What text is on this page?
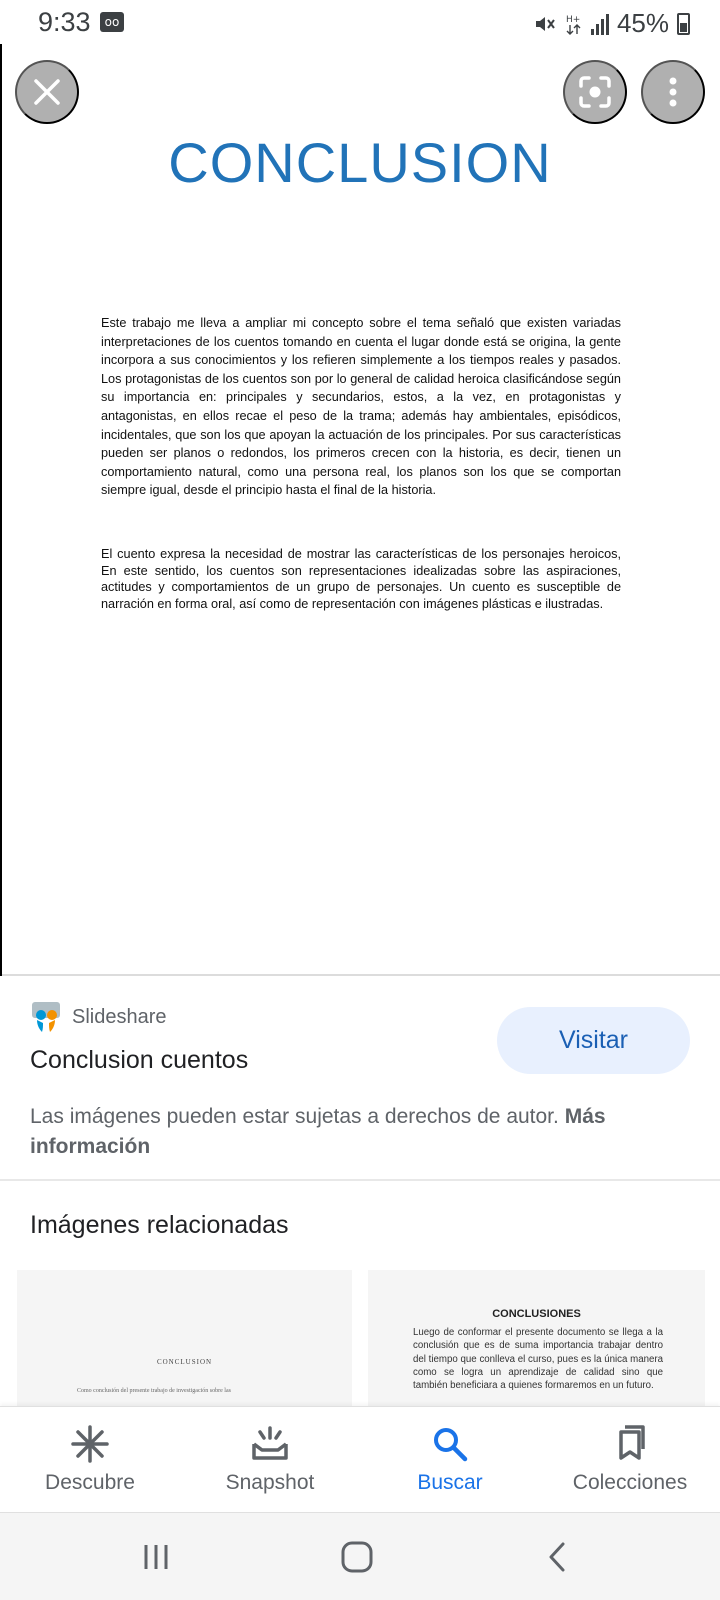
9:33	oo	H+ 45%
CONCLUSION

Este trabajo me lleva a ampliar mi concepto sobre el tema señaló que existen variadas interpretaciones de los cuentos tomando en cuenta el lugar donde está se origina, la gente incorpora a sus conocimientos y los refieren simplemente a los tiempos reales y pasados. Los protagonistas de los cuentos son por lo general de calidad heroica clasificándose según su importancia en: principales y secundarios, estos, a la vez, en protagonistas y antagonistas, en ellos recae el peso de la trama; además hay ambientales, episódicos, incidentales, que son los que apoyan la actuación de los principales. Por sus características pueden ser planos o redondos, los primeros crecen con la historia, es decir, tienen un comportamiento natural, como una persona real, los planos son los que se comportan siempre igual, desde el principio hasta el final de la historia.

El cuento expresa la necesidad de mostrar las características de los personajes heroicos, En este sentido, los cuentos son representaciones idealizadas sobre las aspiraciones, actitudes y comportamientos de un grupo de personajes. Un cuento es susceptible de narración en forma oral, así como de representación con imágenes plásticas e ilustradas.

Slideshare
Conclusion cuentos
Visitar

Las imágenes pueden estar sujetas a derechos de autor. Más información

Imágenes relacionadas
CONCLUSION
Como conclusión del presente trabajo de investigación sobre las
CONCLUSIONES
Luego de conformar el presente documento se llega a la conclusión que es de suma importancia trabajar dentro del tiempo que conlleva el curso, pues es la única manera como se logra un aprendizaje de calidad sino que también beneficiara a quienes formaremos en un futuro.
Descubre	Snapshot	Buscar	Colecciones
